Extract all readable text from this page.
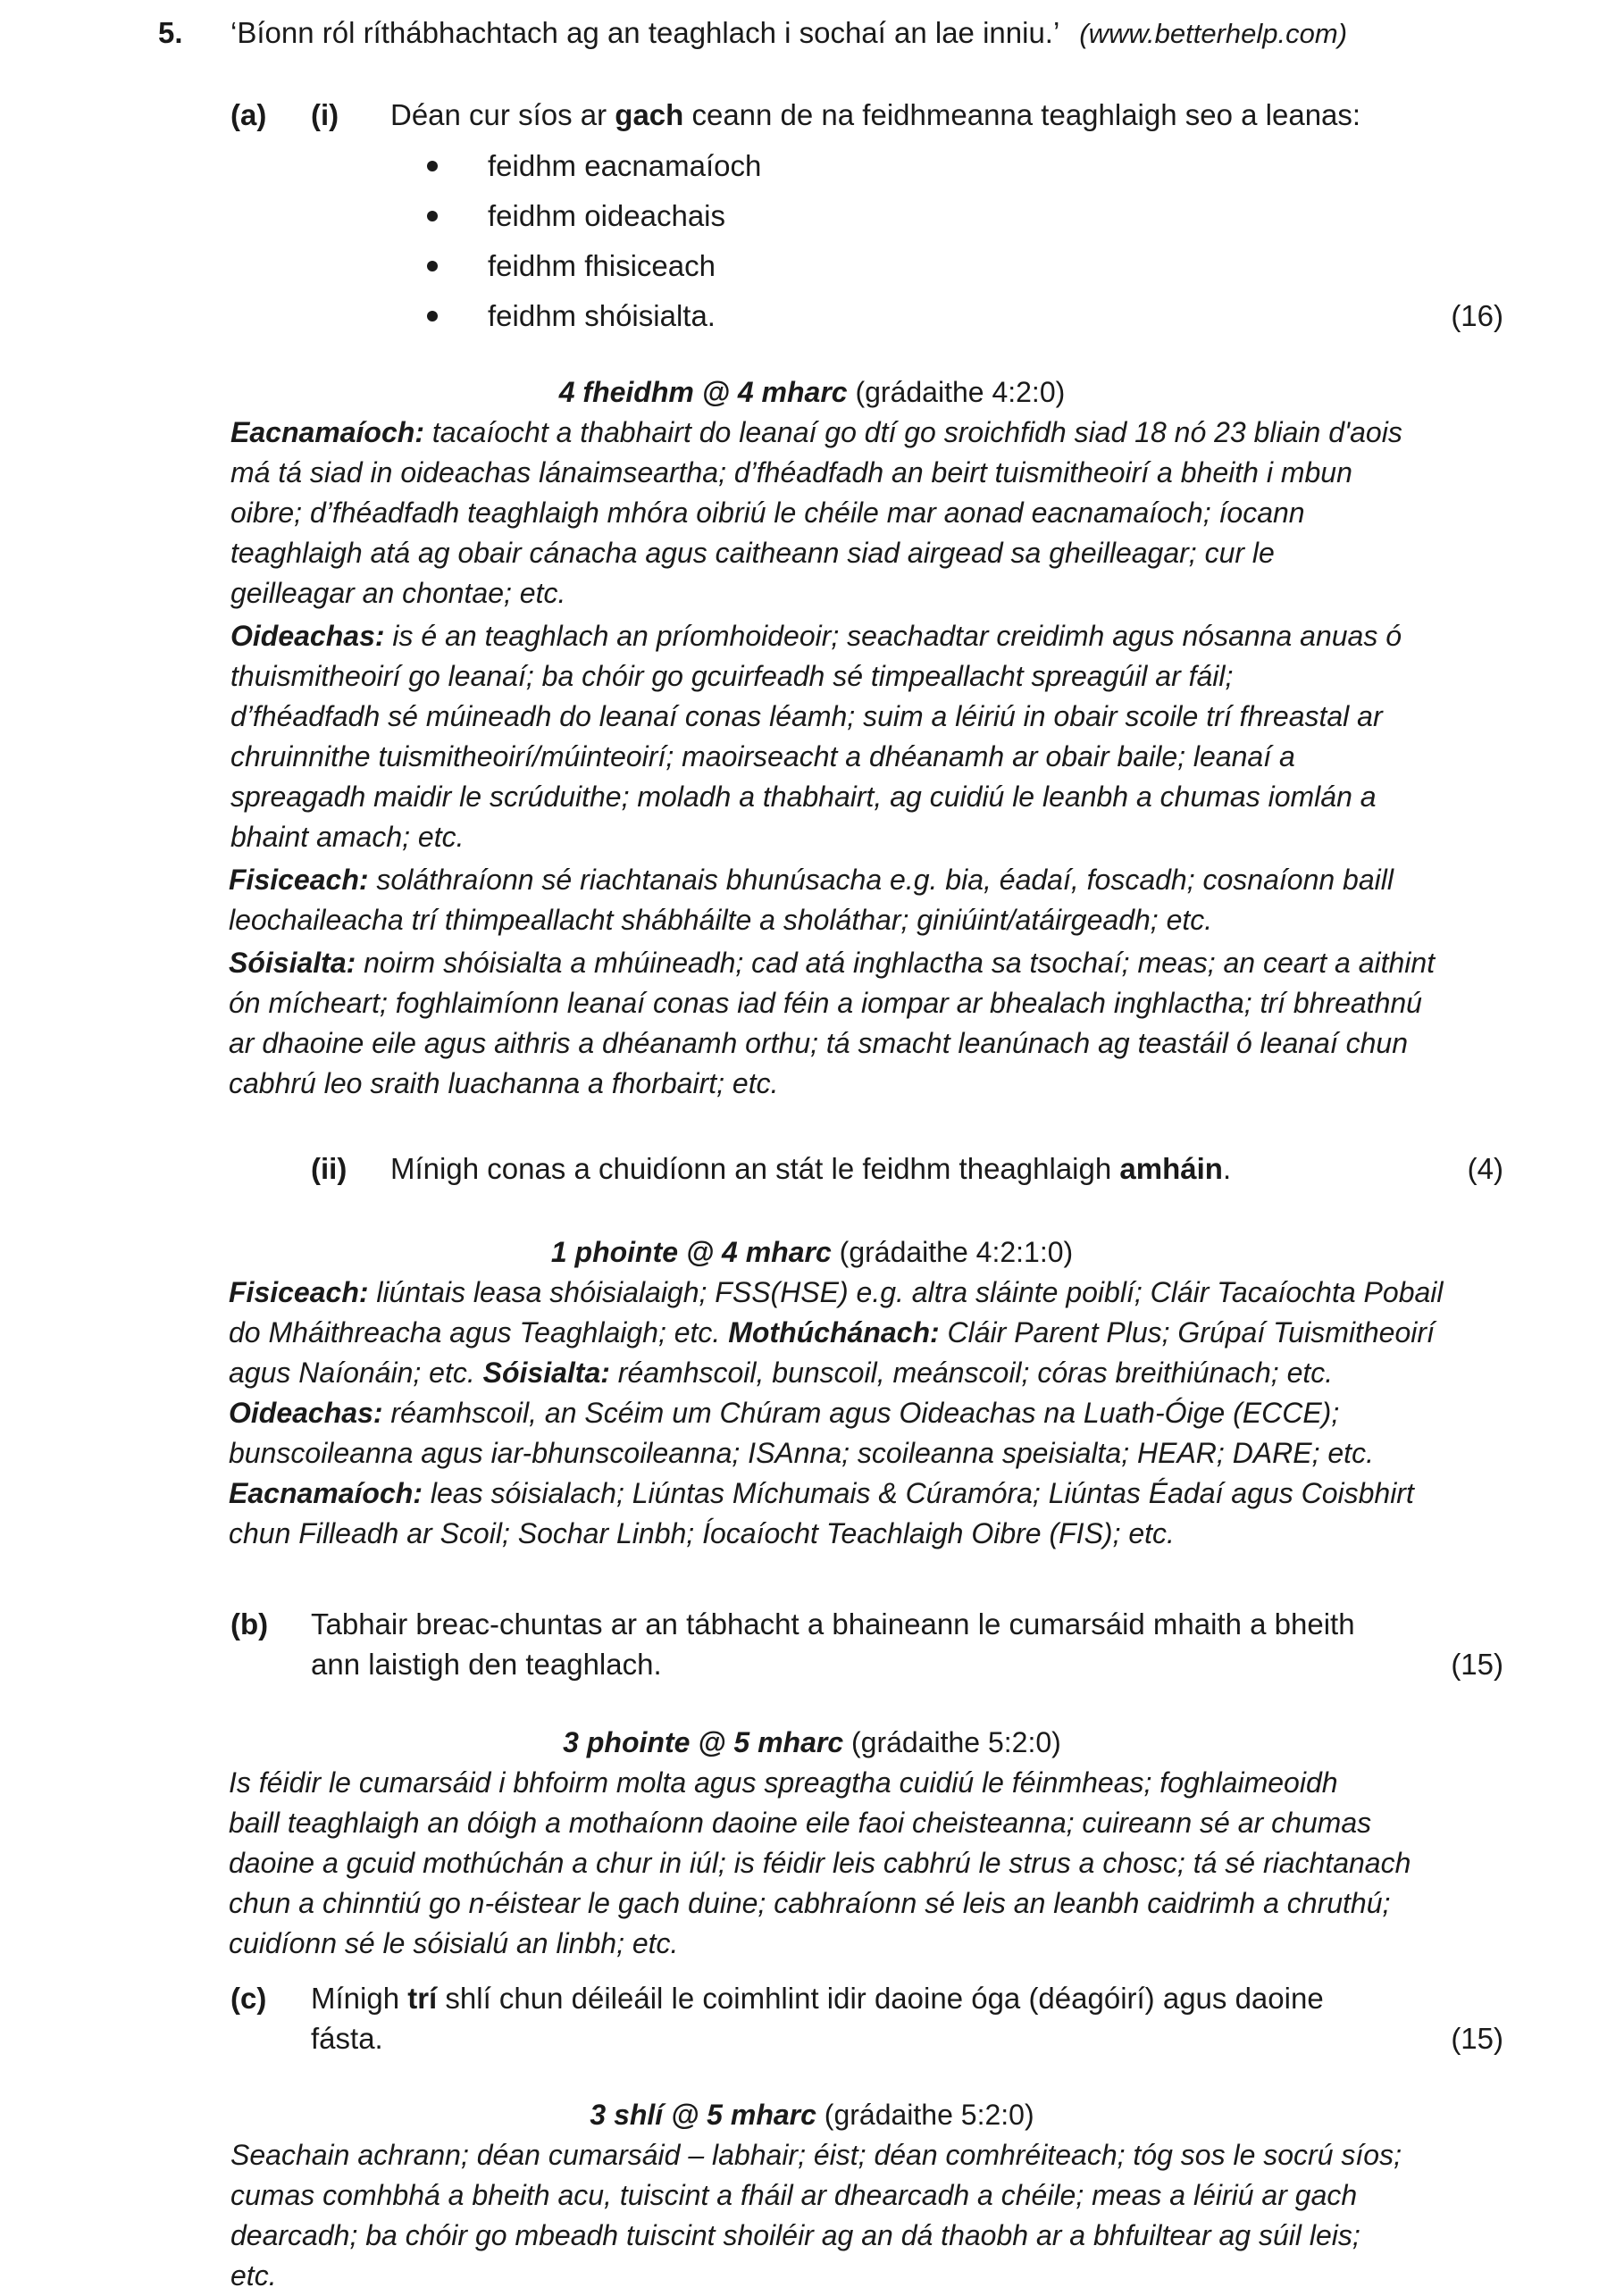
5. ‘Bíonn ról ríthábhachtach ag an teaghlach i sochaí an lae inniu.’ (www.betterhelp.com)
(a) (i) Déan cur síos ar gach ceann de na feidhmeanna teaghlaigh seo a leanas:
feidhm eacnamaíoch
feidhm oideachais
feidhm fhisiceach
feidhm shóisialta.	(16)
4 fheidhm @ 4 mharc (grádaithe 4:2:0)
Eacnamaíoch: tacaíocht a thabhairt do leanaí go dtí go sroichfidh siad 18 nó 23 bliain d'aois
má tá siad in oideachas lánaimseartha; d’fhéadfadh an beirt tuismitheoirí a bheith i mbun
oibre; d’fhéadfadh teaghlaigh mhóra oibriú le chéile mar aonad eacnamaíoch; íocann
teaghlaigh atá ag obair cánacha agus caitheann siad airgead sa gheilleagar; cur le
geilleagar an chontae; etc.
Oideachas: is é an teaghlach an príomhoideoir; seachadtar creidimh agus nósanna anuas ó
thuismitheoirí go leanaí; ba chóir go gcuirfeadh sé timpeallacht spreagúil ar fáil;
d’fhéadfadh sé múineadh do leanaí conas léamh; suim a léiriú in obair scoile trí fhreastal ar
chruinnithe tuismitheoirí/múinteoirí; maoirseacht a dhéanamh ar obair baile; leanaí a
spreagadh maidir le scrúduithe; moladh a thabhairt, ag cuidiú le leanbh a chumas iomlán a
bhaint amach; etc.
Fisiceach: soláthraíonn sé riachtanais bhunúsacha e.g. bia, éadaí, foscadh; cosnaíonn baill
leochaileacha trí thimpeallacht shábháilte a sholáthar; giniúint/atáirgeadh; etc.
Sóisialta: noirm shóisialta a mhúineadh; cad atá inghlactha sa tsochaí; meas; an ceart a aithint
ón mícheart; foghlaimíonn leanaí conas iad féin a iompar ar bhealach inghlactha; trí bhreathnú
ar dhaoine eile agus aithris a dhéanamh orthu; tá smacht leanúnach ag teastáil ó leanaí chun
cabhrú leo sraith luachanna a fhorbairt; etc.
(ii) Mínigh conas a chuidíonn an stát le feidhm theaghlaigh amháin.	(4)
1 phointe @ 4 mharc (grádaithe 4:2:1:0)
Fisiceach: liúntais leasa shóisialaigh; FSS(HSE) e.g. altra sláinte poiblí; Cláir Tacaíochta Pobail
do Mháithreacha agus Teaghlaigh; etc. Mothúchánach: Cláir Parent Plus; Grúpaí Tuismitheoirí
agus Naíonáin; etc. Sóisialta: réamhscoil, bunscoil, meánscoil; córas breithiúnach; etc.
Oideachas: réamhscoil, an Scéim um Chúram agus Oideachas na Luath-Óige (ECCE);
bunscoileanna agus iar-bhunscoileanna; ISAnna; scoileanna speisialta; HEAR; DARE; etc.
Eacnamaíoch: leas sóisialach; Liúntas Míchumais & Cúramóra; Liúntas Éadaí agus Coisbhirt
chun Filleadh ar Scoil; Sochar Linbh; Íocaíocht Teachlaigh Oibre (FIS); etc.
(b) Tabhair breac-chuntas ar an tábhacht a bhaineann le cumarsáid mhaith a bheith
ann laistigh den teaghlach.	(15)
3 phointe @ 5 mharc (grádaithe 5:2:0)
Is féidir le cumarsáid i bhfoirm molta agus spreagtha cuidiú le féinmheas; foghlaimeoidh
baill teaghlaigh an dóigh a mothaíonn daoine eile faoi cheisteanna; cuireann sé ar chumas
daoine a gcuid mothúchán a chur in iúl; is féidir leis cabhrú le strus a chosc; tá sé riachtanach
chun a chinntiú go n-éistear le gach duine; cabhraíonn sé leis an leanbh caidrimh a chruthú;
cuidíonn sé le sóisialú an linbh; etc.
(c) Mínigh trí shlí chun déileáil le coimhlint idir daoine óga (déagóirí) agus daoine
fásta.	(15)
3 shlí @ 5 mharc (grádaithe 5:2:0)
Seachain achrann; déan cumarsáid – labhair; éist; déan comhréiteach; tóg sos le socrú síos;
cumas comhbhá a bheith acu, tuiscint a fháil ar dhearcadh a chéile; meas a léiriú ar gach
dearcadh; ba chóir go mbeadh tuiscint shoiléir ag an dá thaobh ar a bhfuiltear ag súil leis;
etc.
